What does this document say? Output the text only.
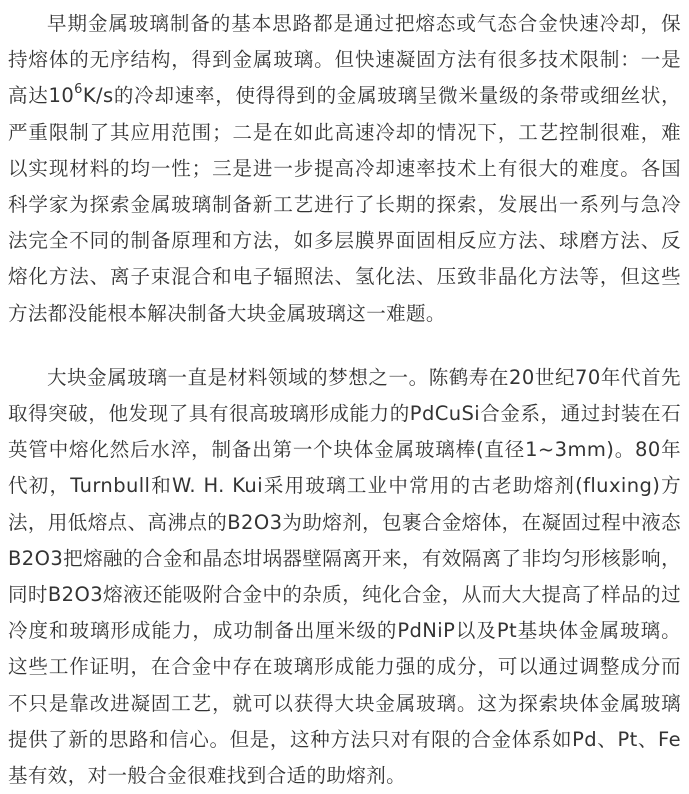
早期金属玻璃制备的基本思路都是通过把熔态或气态合金快速冷却，保持熔体的无序结构，得到金属玻璃。但快速凝固方法有很多技术限制：一是高达$10^6K/s$的冷却速率，使得得到的金属玻璃呈微米量级的条带或细丝状，严重限制了其应用范围；二是在如此高速冷却的情况下，工艺控制很难，难以实现材料的均一性；三是进一步提高冷却速率技术上有很大的难度。各国科学家为探索金属玻璃制备新工艺进行了长期的探索，发展出一系列与急冷法完全不同的制备原理和方法，如多层膜界面固相反应方法、球磨方法、反熔化方法、离子束混合和电子辐照法、氢化法、压致非晶化方法等，但这些方法都没能根本解决制备大块金属玻璃这一难题。

大块金属玻璃一直是材料领域的梦想之一。陈鹤寿在20世纪70年代首先取得突破，他发现了具有很高玻璃形成能力的PdCuSi合金系，通过封装在石英管中熔化然后水淬，制备出第一个块体金属玻璃棒(直径1~3mm)。80年代初，Turnbull和W. H. Kui采用玻璃工业中常用的古老助熔剂(fluxing)方法，用低熔点、高沸点的B2O3为助熔剂，包裹合金熔体，在凝固过程中液态B2O3把熔融的合金和晶态坩埚器壁隔离开来，有效隔离了非均匀形核影响，同时B2O3熔液还能吸附合金中的杂质，纯化合金，从而大大提高了样品的过冷度和玻璃形成能力，成功制备出厘米级的PdNiP以及Pt基块体金属玻璃。这些工作证明，在合金中存在玻璃形成能力强的成分，可以通过调整成分而不只是靠改进凝固工艺，就可以获得大块金属玻璃。这为探索块体金属玻璃提供了新的思路和信心。但是，这种方法只对有限的合金体系如Pd、Pt、Fe基有效，对一般合金很难找到合适的助熔剂。
